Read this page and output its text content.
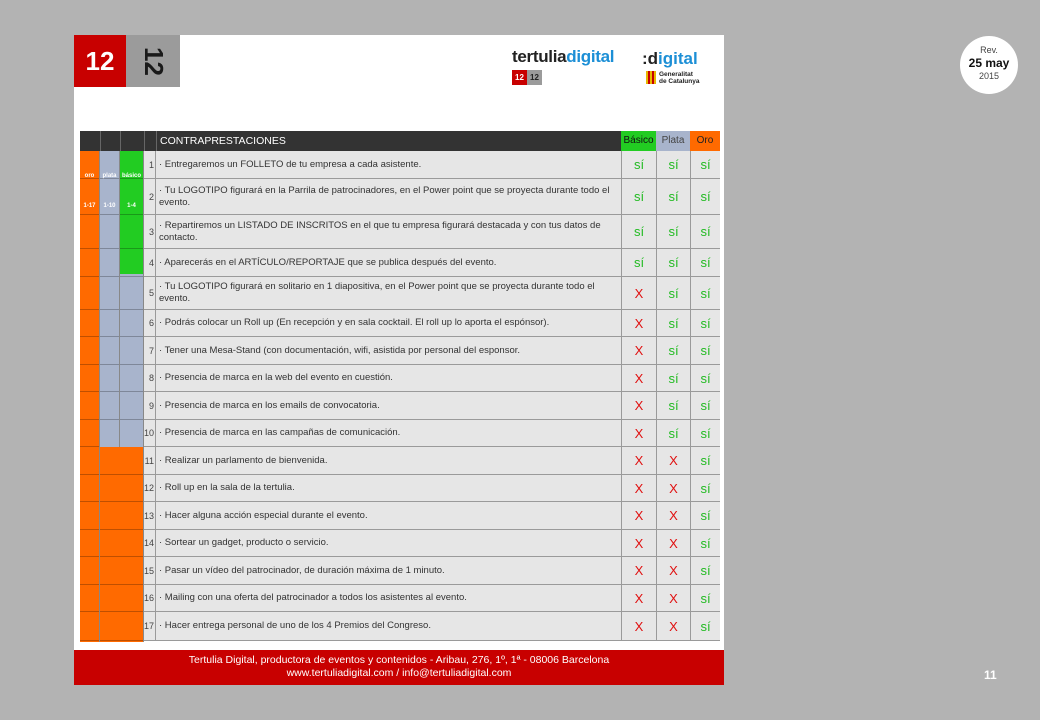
12 12	tertuliadigital
12 12
:digital
Generalitat
de Catalunya
CONTRAPRESTACIONES	Básico Plata	Oro
oro
1-17
plata
1-10
básico
1-4
1 · Entregaremos un FOLLETO de tu empresa a cada asistente.	sí	sí	sí
2
· Tu LOGOTIPO figurará en la Parrila de patrocinadores, en el Power point que se proyecta durante todo el evento.	sí	sí	sí
3
· Repartiremos un LISTADO DE INSCRITOS en el que tu empresa figurará destacada y con tus datos de contacto.	sí	sí	sí
4 · Aparecerás en el ARTÍCULO/REPORTAJE que se publica después del evento.	sí	sí	sí
5
· Tu LOGOTIPO figurará en solitario en 1 diapositiva, en el Power point que se proyecta durante todo el evento.	X	sí	sí
6 · Podrás colocar un Roll up (En recepción y en sala cocktail. El roll up lo aporta el espónsor).	X	sí	sí
7 · Tener una Mesa-Stand (con documentación, wifi, asistida por personal del esponsor.	X	sí	sí
8 · Presencia de marca en la web del evento en cuestión.	X	sí	sí
9 · Presencia de marca en los emails de convocatoria.	X	sí	sí
10 · Presencia de marca en las campañas de comunicación.	X	sí	sí
11 · Realizar un parlamento de bienvenida.	X	X	sí
12 · Roll up en la sala de la tertulia.	X	X	sí
13 · Hacer alguna acción especial durante el evento.	X	X	sí
14 · Sortear un gadget, producto o servicio.	X	X	sí
15 · Pasar un vídeo del patrocinador, de duración máxima de 1 minuto.	X	X	sí
16 · Mailing con una oferta del patrocinador a todos los asistentes al evento.	X	X	sí
17 · Hacer entrega personal de uno de los 4 Premios del Congreso.	X	X	sí
Tertulia Digital, productora de eventos y contenidos - Aribau, 276, 1º, 1ª - 08006 Barcelona
www.tertuliadigital.com / info@tertuliadigital.com
Rev.
25 may
2015
11
